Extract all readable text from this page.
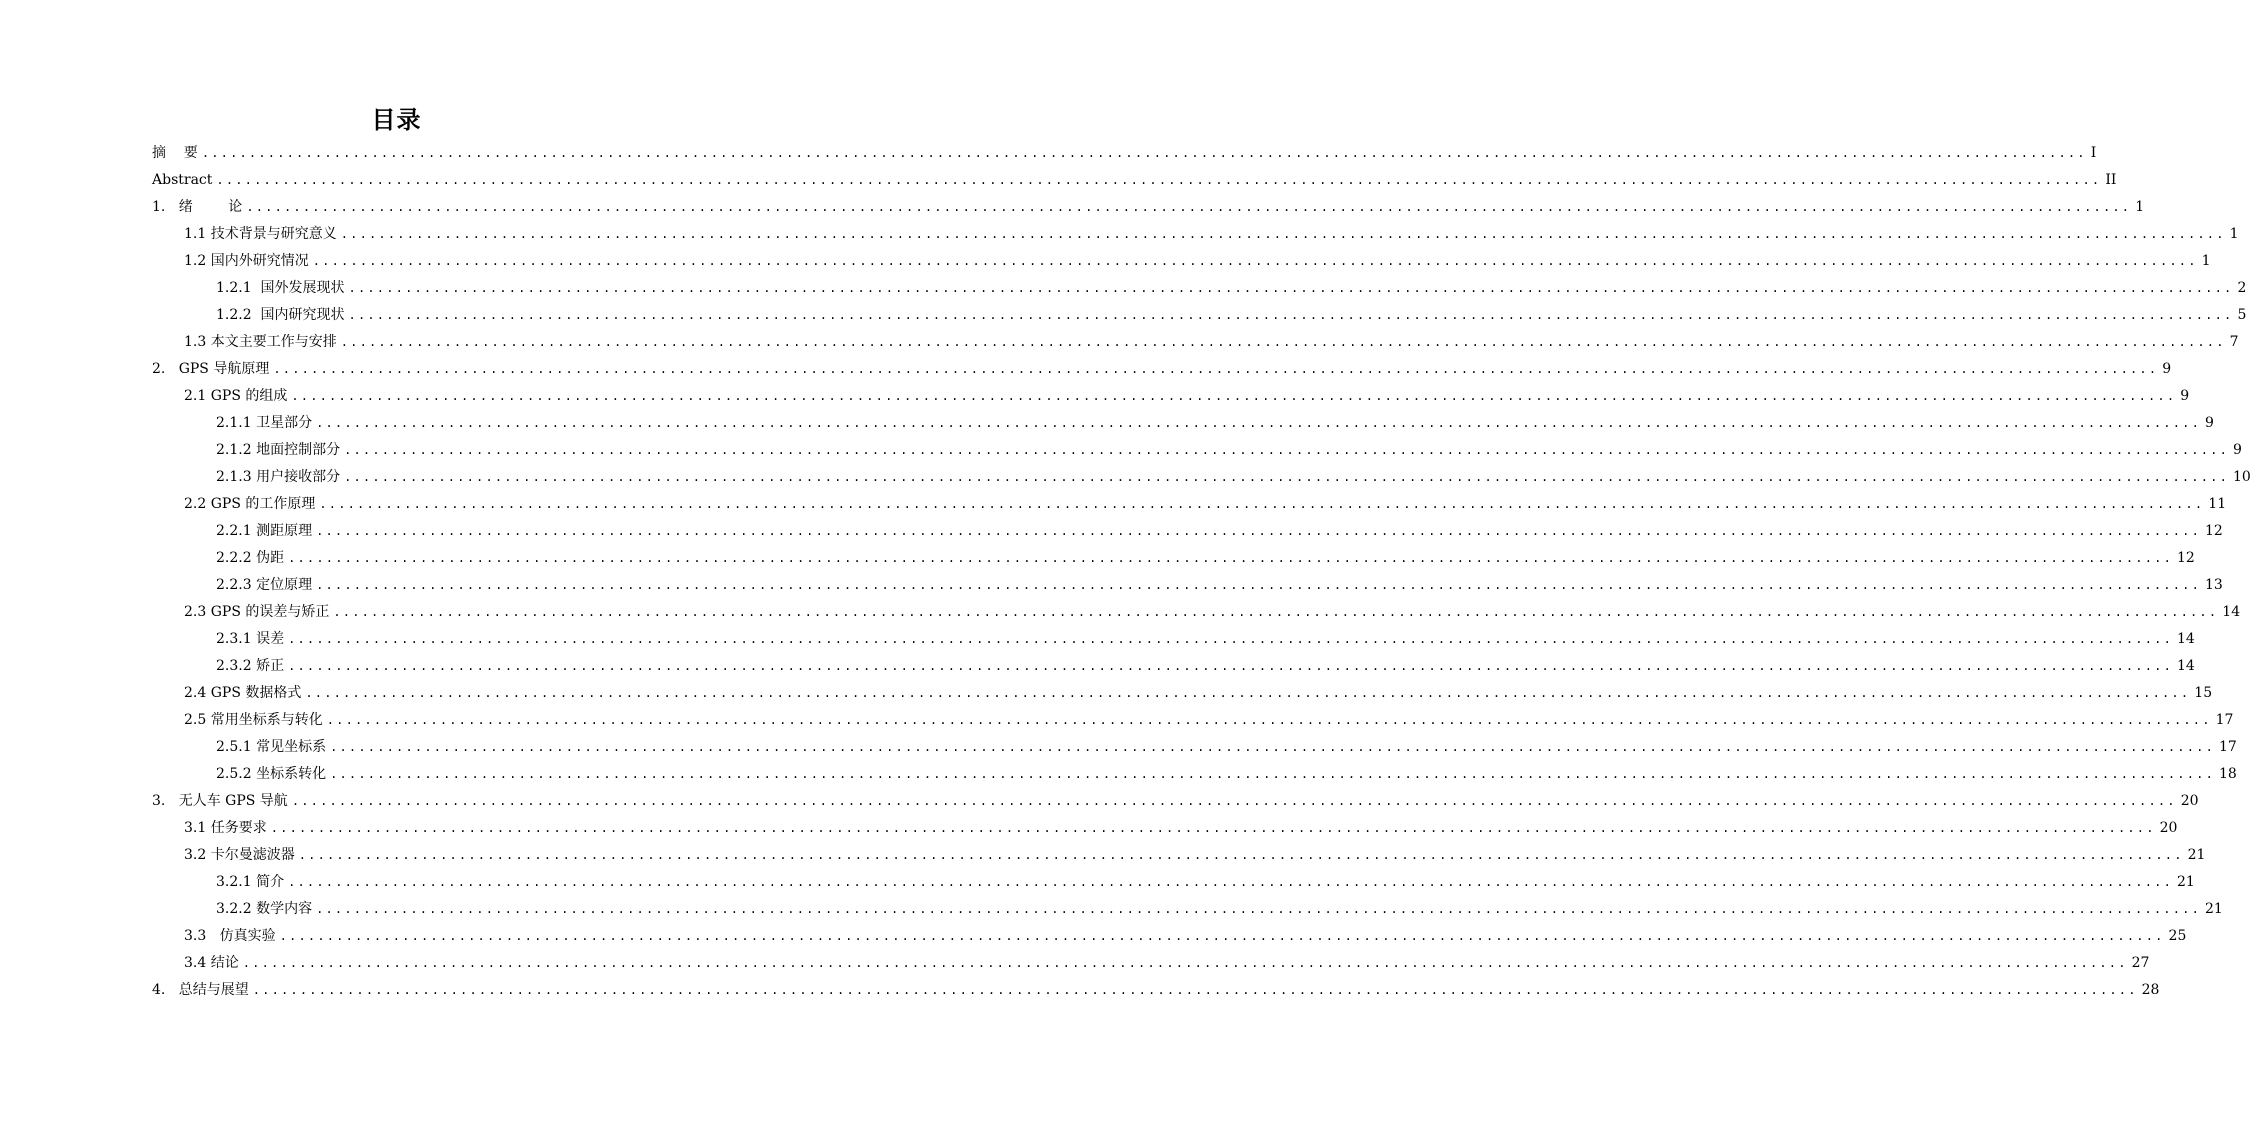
目录
摘    要 ........................................................................................................................................................................................................ I
Abstract ........................................................................................................................................................................................................ II
1.   绪        论 ........................................................................................................................................................................................................ 1
1.1 技术背景与研究意义 ........................................................................................................................................................................................................ 1
1.2 国内外研究情况 ........................................................................................................................................................................................................ 1
1.2.1  国外发展现状 ........................................................................................................................................................................................................ 2
1.2.2  国内研究现状 ........................................................................................................................................................................................................ 5
1.3 本文主要工作与安排 ........................................................................................................................................................................................................ 7
2.   GPS 导航原理 ........................................................................................................................................................................................................ 9
2.1 GPS 的组成 ........................................................................................................................................................................................................ 9
2.1.1 卫星部分 ........................................................................................................................................................................................................ 9
2.1.2 地面控制部分 ........................................................................................................................................................................................................ 9
2.1.3 用户接收部分 ........................................................................................................................................................................................................ 10
2.2 GPS 的工作原理 ........................................................................................................................................................................................................ 11
2.2.1 测距原理 ........................................................................................................................................................................................................ 12
2.2.2 伪距 ........................................................................................................................................................................................................ 12
2.2.3 定位原理 ........................................................................................................................................................................................................ 13
2.3 GPS 的误差与矫正 ........................................................................................................................................................................................................ 14
2.3.1 误差 ........................................................................................................................................................................................................ 14
2.3.2 矫正 ........................................................................................................................................................................................................ 14
2.4 GPS 数据格式 ........................................................................................................................................................................................................ 15
2.5 常用坐标系与转化 ........................................................................................................................................................................................................ 17
2.5.1 常见坐标系 ........................................................................................................................................................................................................ 17
2.5.2 坐标系转化 ........................................................................................................................................................................................................ 18
3.   无人车 GPS 导航 ........................................................................................................................................................................................................ 20
3.1 任务要求 ........................................................................................................................................................................................................ 20
3.2 卡尔曼滤波器 ........................................................................................................................................................................................................ 21
3.2.1 简介 ........................................................................................................................................................................................................ 21
3.2.2 数学内容 ........................................................................................................................................................................................................ 21
3.3   仿真实验 ........................................................................................................................................................................................................ 25
3.4 结论 ........................................................................................................................................................................................................ 27
4.   总结与展望 ........................................................................................................................................................................................................ 28
